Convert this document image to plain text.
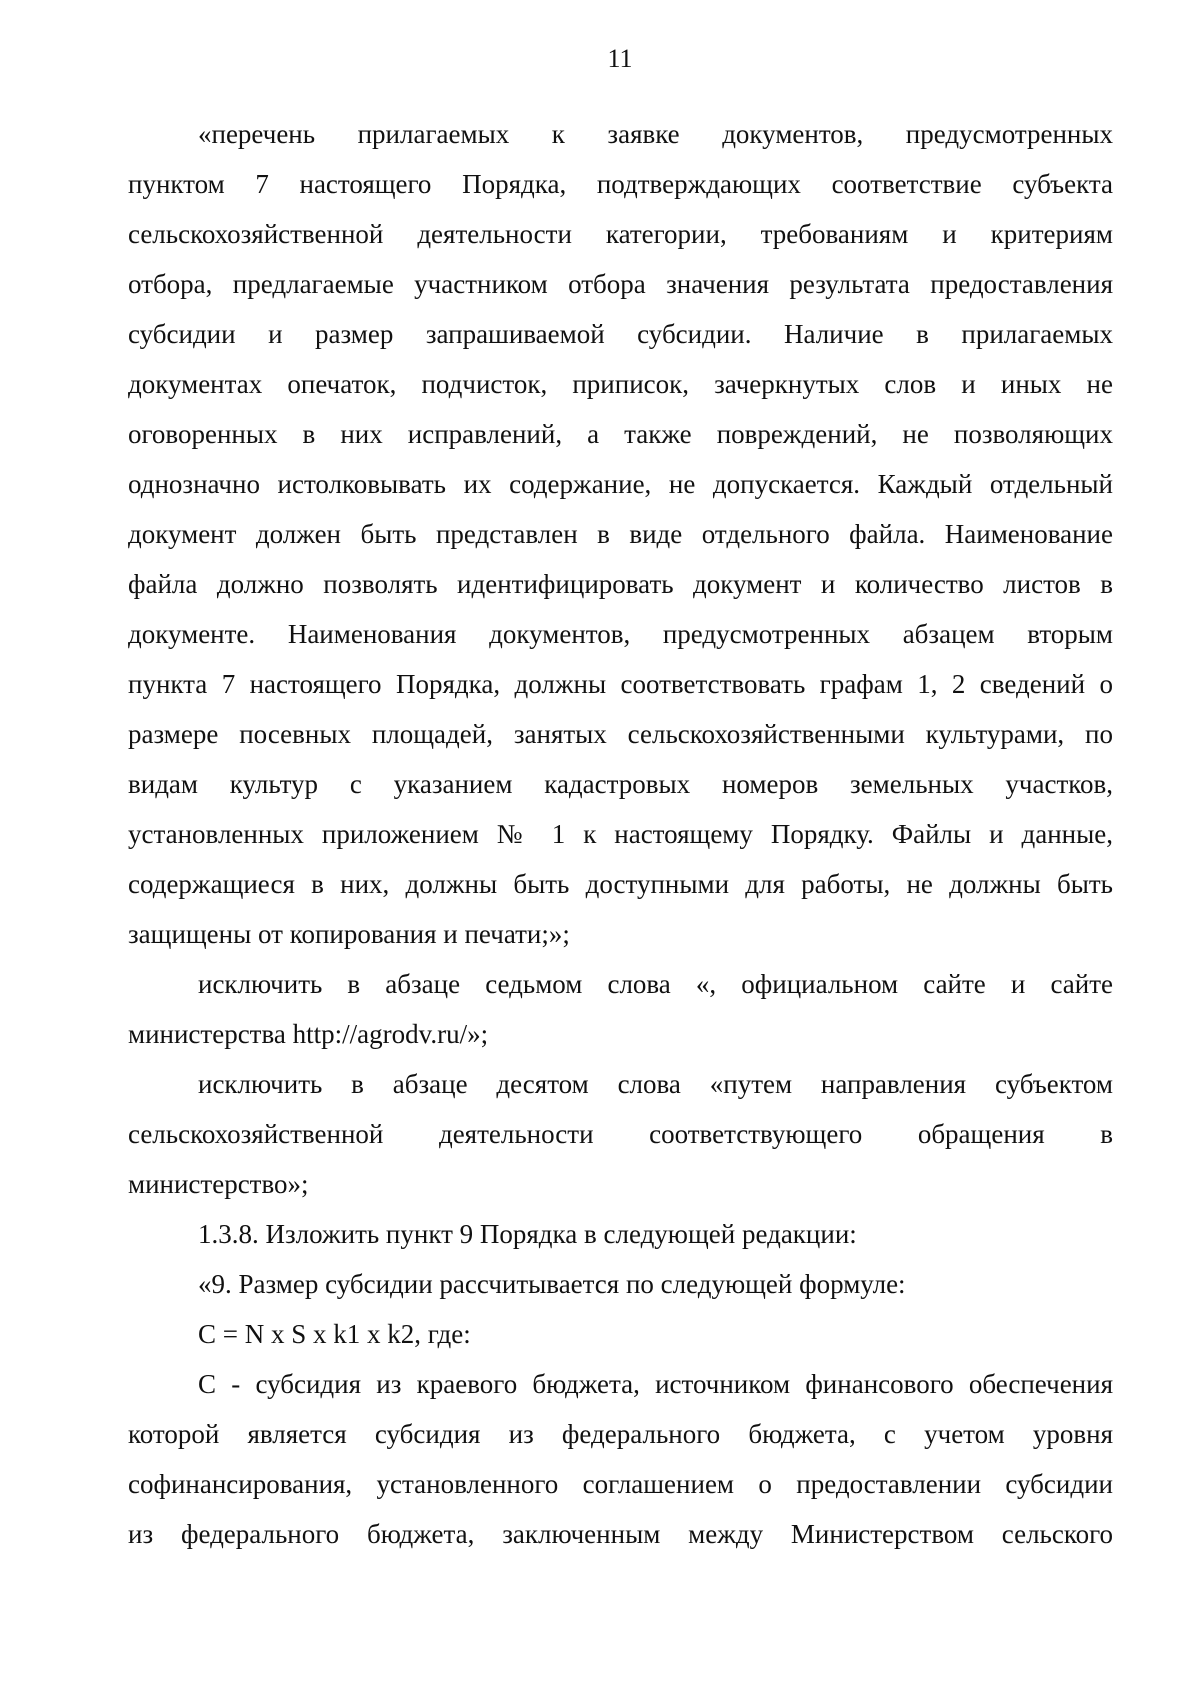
11
«перечень прилагаемых к заявке документов, предусмотренных
пунктом 7 настоящего Порядка, подтверждающих соответствие субъекта
сельскохозяйственной деятельности категории, требованиям и критериям
отбора, предлагаемые участником отбора значения результата предоставления
субсидии и размер запрашиваемой субсидии. Наличие в прилагаемых
документах опечаток, подчисток, приписок, зачеркнутых слов и иных не
оговоренных в них исправлений, а также повреждений, не позволяющих
однозначно истолковывать их содержание, не допускается. Каждый отдельный
документ должен быть представлен в виде отдельного файла. Наименование
файла должно позволять идентифицировать документ и количество листов в
документе. Наименования документов, предусмотренных абзацем вторым
пункта 7 настоящего Порядка, должны соответствовать графам 1, 2 сведений о
размере посевных площадей, занятых сельскохозяйственными культурами, по
видам культур с указанием кадастровых номеров земельных участков,
установленных приложением № 1 к настоящему Порядку. Файлы и данные,
содержащиеся в них, должны быть доступными для работы, не должны быть
защищены от копирования и печати;»;
исключить в абзаце седьмом слова «, официальном сайте и сайте
министерства http://agrodv.ru/»;
исключить в абзаце десятом слова «путем направления субъектом
сельскохозяйственной деятельности соответствующего обращения в
министерство»;
1.3.8. Изложить пункт 9 Порядка в следующей редакции:
«9. Размер субсидии рассчитывается по следующей формуле:
C = N x S x k1 x k2, где:
С - субсидия из краевого бюджета, источником финансового обеспечения
которой является субсидия из федерального бюджета, с учетом уровня
софинансирования, установленного соглашением о предоставлении субсидии
из федерального бюджета, заключенным между Министерством сельского
